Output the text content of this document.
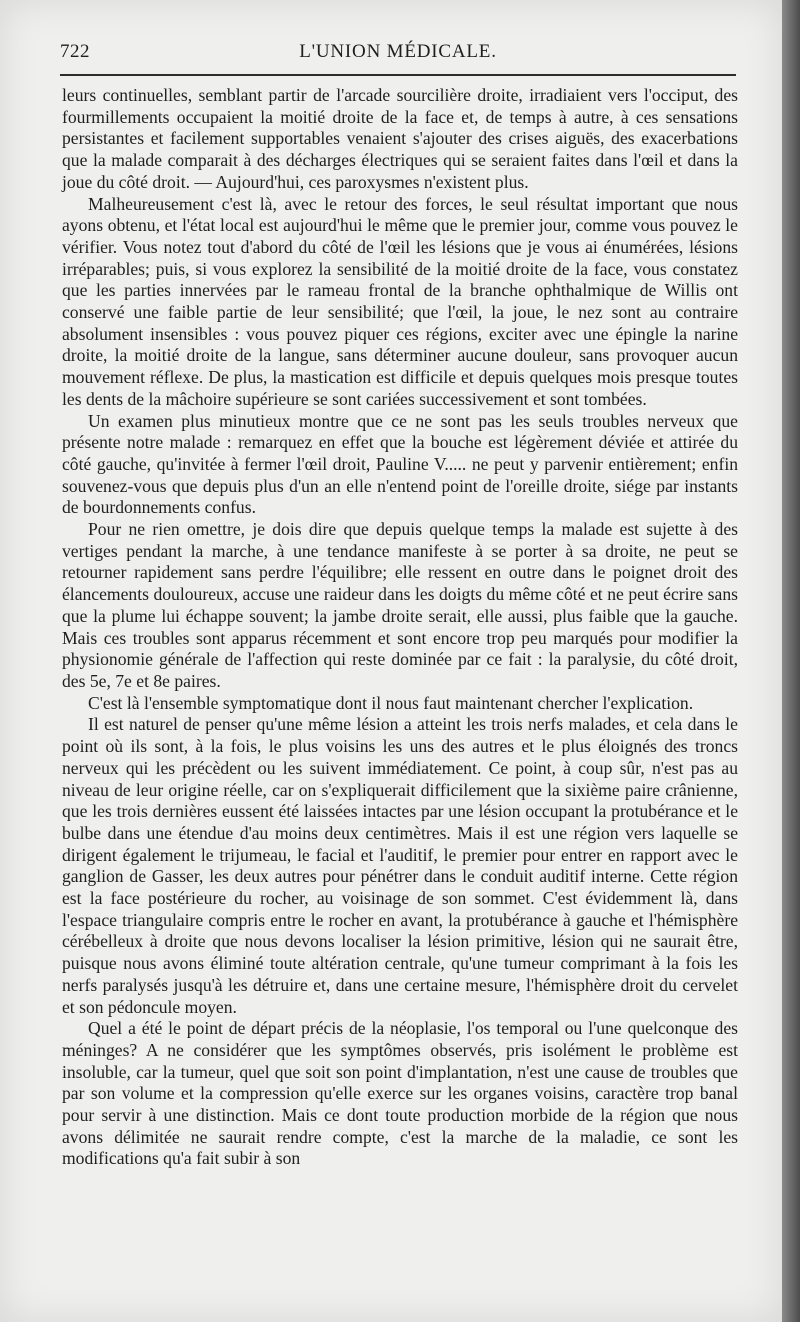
722	L'UNION MÉDICALE.

leurs continuelles, semblant partir de l'arcade sourcilière droite, irradiaient vers l'occiput, des fourmillements occupaient la moitié droite de la face et, de temps à autre, à ces sensations persistantes et facilement supportables venaient s'ajouter des crises aiguës, des exacerbations que la malade comparait à des décharges électriques qui se seraient faites dans l'œil et dans la joue du côté droit. — Aujourd'hui, ces paroxysmes n'existent plus.

Malheureusement c'est là, avec le retour des forces, le seul résultat important que nous ayons obtenu, et l'état local est aujourd'hui le même que le premier jour, comme vous pouvez le vérifier. Vous notez tout d'abord du côté de l'œil les lésions que je vous ai énumérées, lésions irréparables; puis, si vous explorez la sensibilité de la moitié droite de la face, vous constatez que les parties innervées par le rameau frontal de la branche ophthalmique de Willis ont conservé une faible partie de leur sensibilité; que l'œil, la joue, le nez sont au contraire absolument insensibles : vous pouvez piquer ces régions, exciter avec une épingle la narine droite, la moitié droite de la langue, sans déterminer aucune douleur, sans provoquer aucun mouvement réflexe. De plus, la mastication est difficile et depuis quelques mois presque toutes les dents de la mâchoire supérieure se sont cariées successivement et sont tombées.

Un examen plus minutieux montre que ce ne sont pas les seuls troubles nerveux que présente notre malade : remarquez en effet que la bouche est légèrement déviée et attirée du côté gauche, qu'invitée à fermer l'œil droit, Pauline V..... ne peut y parvenir entièrement; enfin souvenez-vous que depuis plus d'un an elle n'entend point de l'oreille droite, siége par instants de bourdonnements confus.

Pour ne rien omettre, je dois dire que depuis quelque temps la malade est sujette à des vertiges pendant la marche, à une tendance manifeste à se porter à sa droite, ne peut se retourner rapidement sans perdre l'équilibre; elle ressent en outre dans le poignet droit des élancements douloureux, accuse une raideur dans les doigts du même côté et ne peut écrire sans que la plume lui échappe souvent; la jambe droite serait, elle aussi, plus faible que la gauche. Mais ces troubles sont apparus récemment et sont encore trop peu marqués pour modifier la physionomie générale de l'affection qui reste dominée par ce fait : la paralysie, du côté droit, des 5e, 7e et 8e paires.

C'est là l'ensemble symptomatique dont il nous faut maintenant chercher l'explication.

Il est naturel de penser qu'une même lésion a atteint les trois nerfs malades, et cela dans le point où ils sont, à la fois, le plus voisins les uns des autres et le plus éloignés des troncs nerveux qui les précèdent ou les suivent immédiatement. Ce point, à coup sûr, n'est pas au niveau de leur origine réelle, car on s'expliquerait difficilement que la sixième paire crânienne, que les trois dernières eussent été laissées intactes par une lésion occupant la protubérance et le bulbe dans une étendue d'au moins deux centimètres. Mais il est une région vers laquelle se dirigent également le trijumeau, le facial et l'auditif, le premier pour entrer en rapport avec le ganglion de Gasser, les deux autres pour pénétrer dans le conduit auditif interne. Cette région est la face postérieure du rocher, au voisinage de son sommet. C'est évidemment là, dans l'espace triangulaire compris entre le rocher en avant, la protubérance à gauche et l'hémisphère cérébelleux à droite que nous devons localiser la lésion primitive, lésion qui ne saurait être, puisque nous avons éliminé toute altération centrale, qu'une tumeur comprimant à la fois les nerfs paralysés jusqu'à les détruire et, dans une certaine mesure, l'hémisphère droit du cervelet et son pédoncule moyen.

Quel a été le point de départ précis de la néoplasie, l'os temporal ou l'une quelconque des méninges? A ne considérer que les symptômes observés, pris isolément le problème est insoluble, car la tumeur, quel que soit son point d'implantation, n'est une cause de troubles que par son volume et la compression qu'elle exerce sur les organes voisins, caractère trop banal pour servir à une distinction. Mais ce dont toute production morbide de la région que nous avons délimitée ne saurait rendre compte, c'est la marche de la maladie, ce sont les modifications qu'a fait subir à son
